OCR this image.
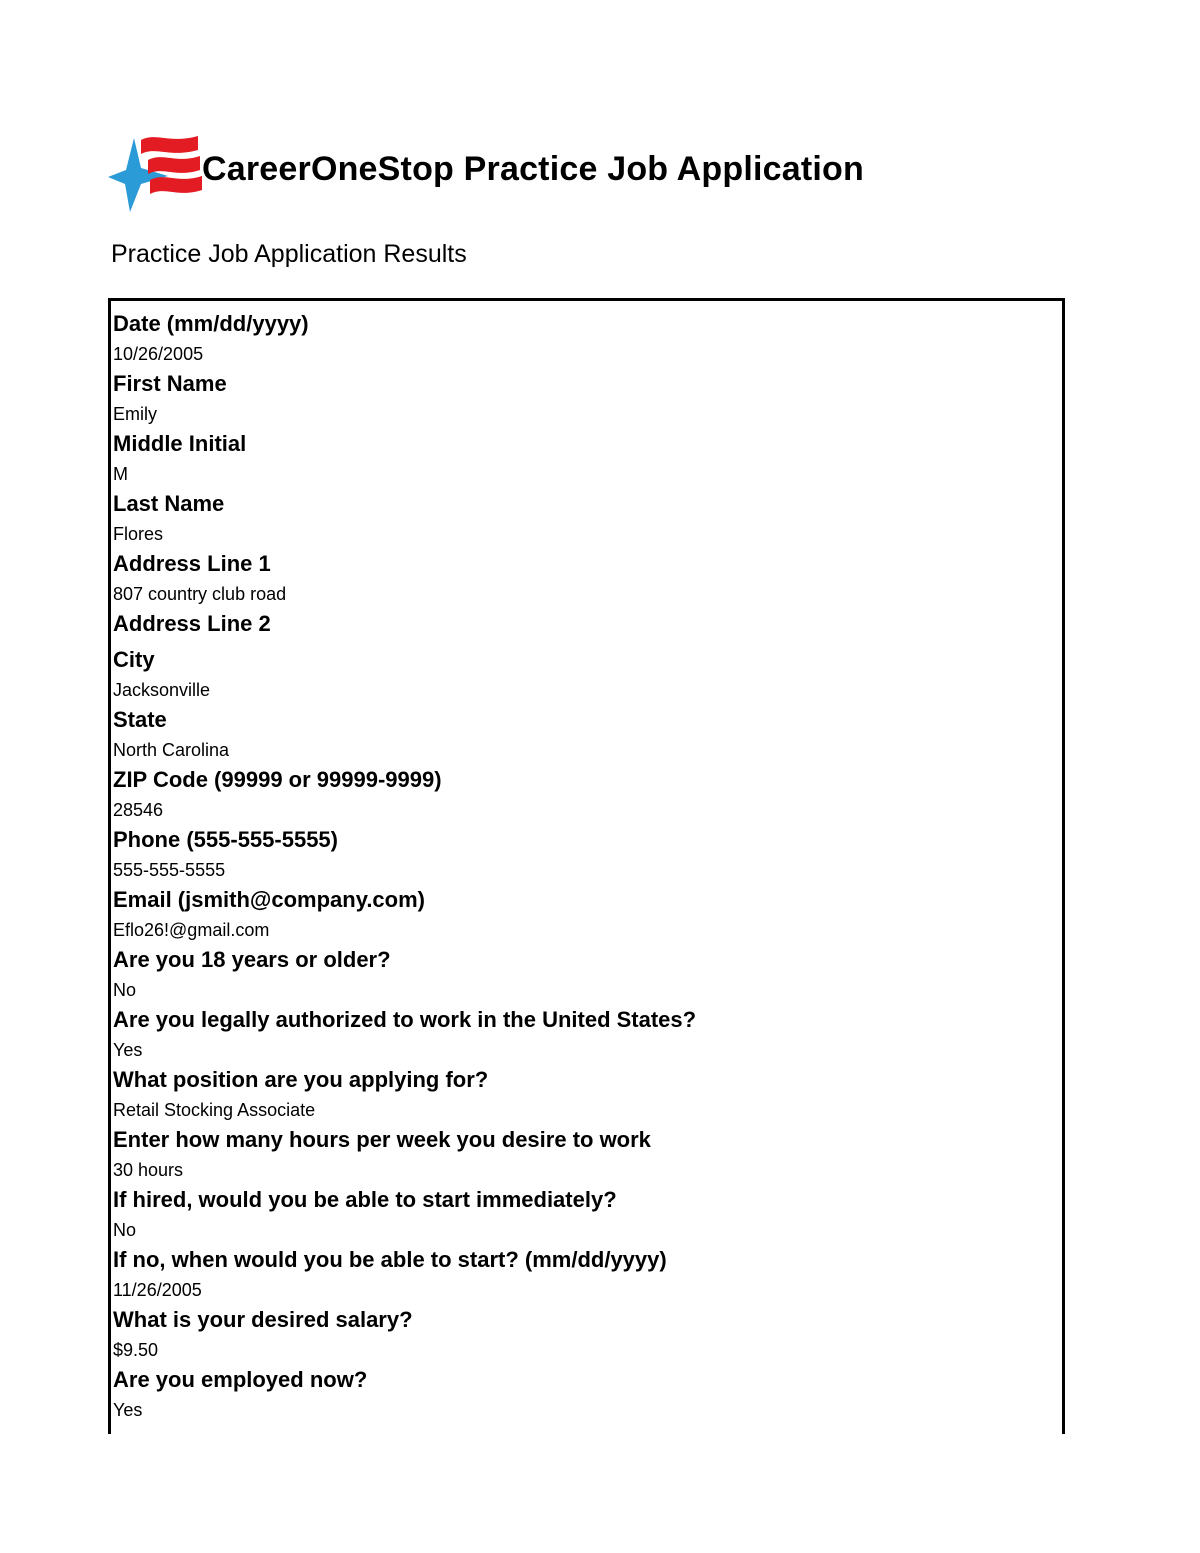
CareerOneStop Practice Job Application
Practice Job Application Results
Date (mm/dd/yyyy)
10/26/2005
First Name
Emily
Middle Initial
M
Last Name
Flores
Address Line 1
807 country club road
Address Line 2
City
Jacksonville
State
North Carolina
ZIP Code (99999 or 99999-9999)
28546
Phone (555-555-5555)
555-555-5555
Email (jsmith@company.com)
Eflo26!@gmail.com
Are you 18 years or older?
No
Are you legally authorized to work in the United States?
Yes
What position are you applying for?
Retail Stocking Associate
Enter how many hours per week you desire to work
30 hours
If hired, would you be able to start immediately?
No
If no, when would you be able to start? (mm/dd/yyyy)
11/26/2005
What is your desired salary?
$9.50
Are you employed now?
Yes
